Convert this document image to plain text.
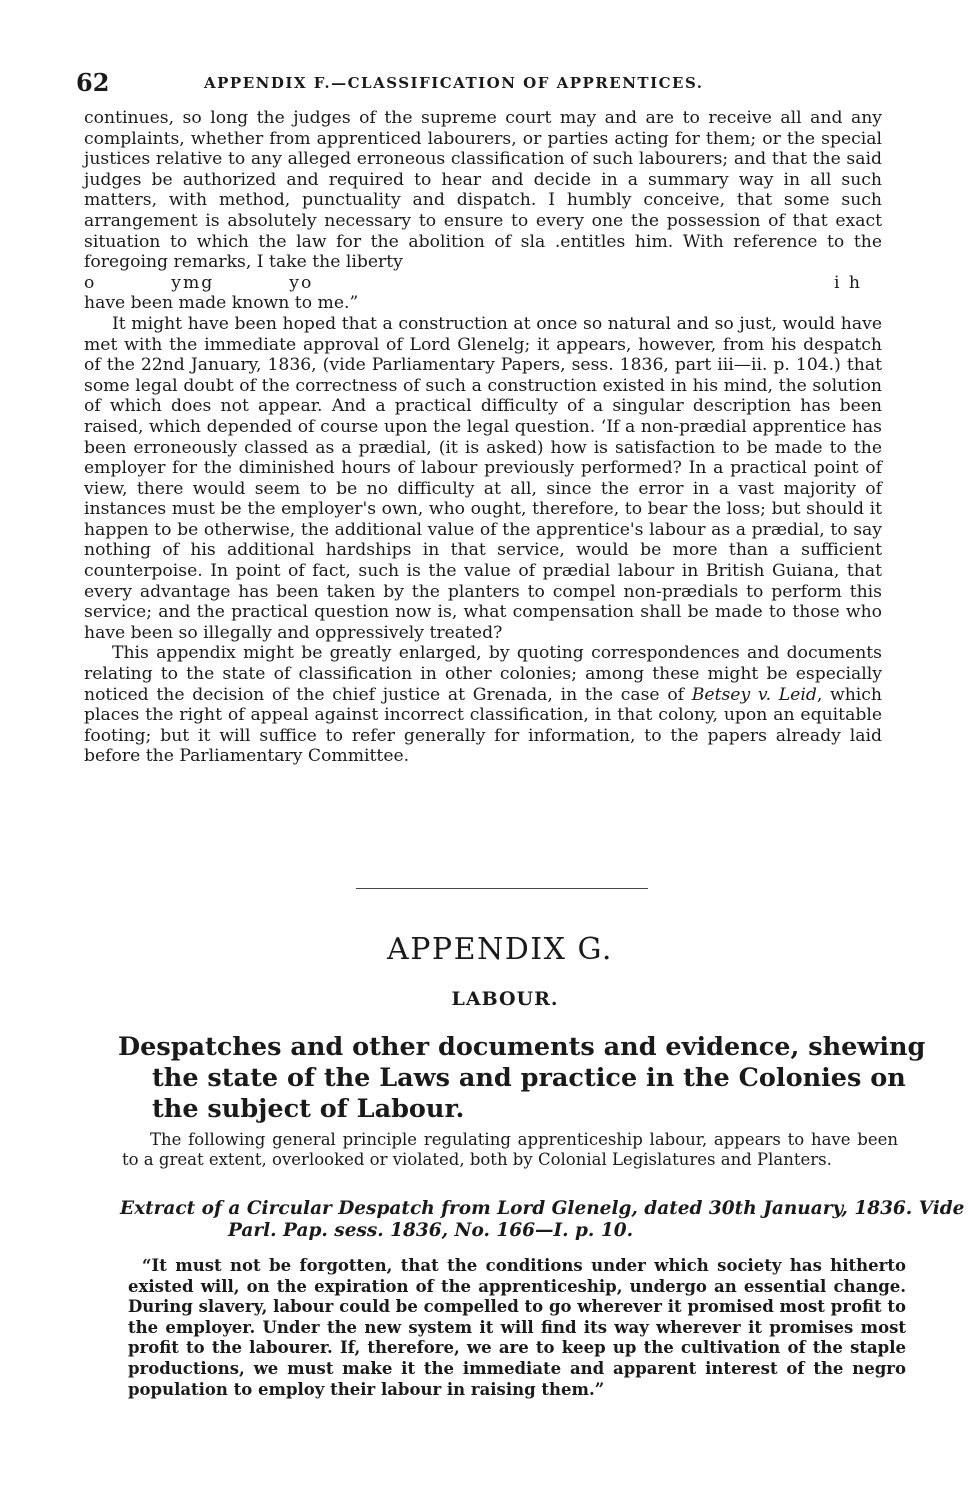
62	APPENDIX F.—CLASSIFICATION OF APPRENTICES.

continues, so long the judges of the supreme court may and are to receive all and any complaints, whether from apprenticed labourers, or parties acting for them; or the special justices relative to any alleged erroneous classification of such labourers; and that the said judges be authorized and required to hear and decide in a summary way in all such matters, with method, punctuality and dispatch. I humbly conceive, that some such arrangement is absolutely necessary to ensure to every one the possession of that exact situation to which the law for the abolition of sla .entitles him. With reference to the foregoing remarks, I take the liberty

o	ymg	yo	i h

have been made known to me.”

It might have been hoped that a construction at once so natural and so just, would have met with the immediate approval of Lord Glenelg; it appears, however, from his despatch of the 22nd January, 1836, (vide Parliamentary Papers, sess. 1836, part iii—ii. p. 104.) that some legal doubt of the correctness of such a construction existed in his mind, the solution of which does not appear. And a practical difficulty of a singular description has been raised, which depended of course upon the legal question. ‘If a non-prædial apprentice has been erroneously classed as a prædial, (it is asked) how is satisfaction to be made to the employer for the diminished hours of labour previously performed? In a practical point of view, there would seem to be no difficulty at all, since the error in a vast majority of instances must be the employer's own, who ought, therefore, to bear the loss; but should it happen to be otherwise, the additional value of the apprentice's labour as a prædial, to say nothing of his additional hardships in that service, would be more than a sufficient counterpoise. In point of fact, such is the value of prædial labour in British Guiana, that every advantage has been taken by the planters to compel non-prædials to perform this service; and the practical question now is, what compensation shall be made to those who have been so illegally and oppressively treated?

This appendix might be greatly enlarged, by quoting correspondences and documents relating to the state of classification in other colonies; among these might be especially noticed the decision of the chief justice at Grenada, in the case of Betsey v. Leid, which places the right of appeal against incorrect classification, in that colony, upon an equitable footing; but it will suffice to refer generally for information, to the papers already laid before the Parliamentary Committee.

APPENDIX G.
LABOUR.
Despatches and other documents and evidence, shewing the state of the Laws and practice in the Colonies on the subject of Labour.

The following general principle regulating apprenticeship labour, appears to have been to a great extent, overlooked or violated, both by Colonial Legislatures and Planters.

Extract of a Circular Despatch from Lord Glenelg, dated 30th January, 1836. Vide Parl. Pap. sess. 1836, No. 166—I. p. 10.

“It must not be forgotten, that the conditions under which society has hitherto existed will, on the expiration of the apprenticeship, undergo an essential change. During slavery, labour could be compelled to go wherever it promised most profit to the employer. Under the new system it will find its way wherever it promises most profit to the labourer. If, therefore, we are to keep up the cultivation of the staple productions, we must make it the immediate and apparent interest of the negro population to employ their labour in raising them.”
